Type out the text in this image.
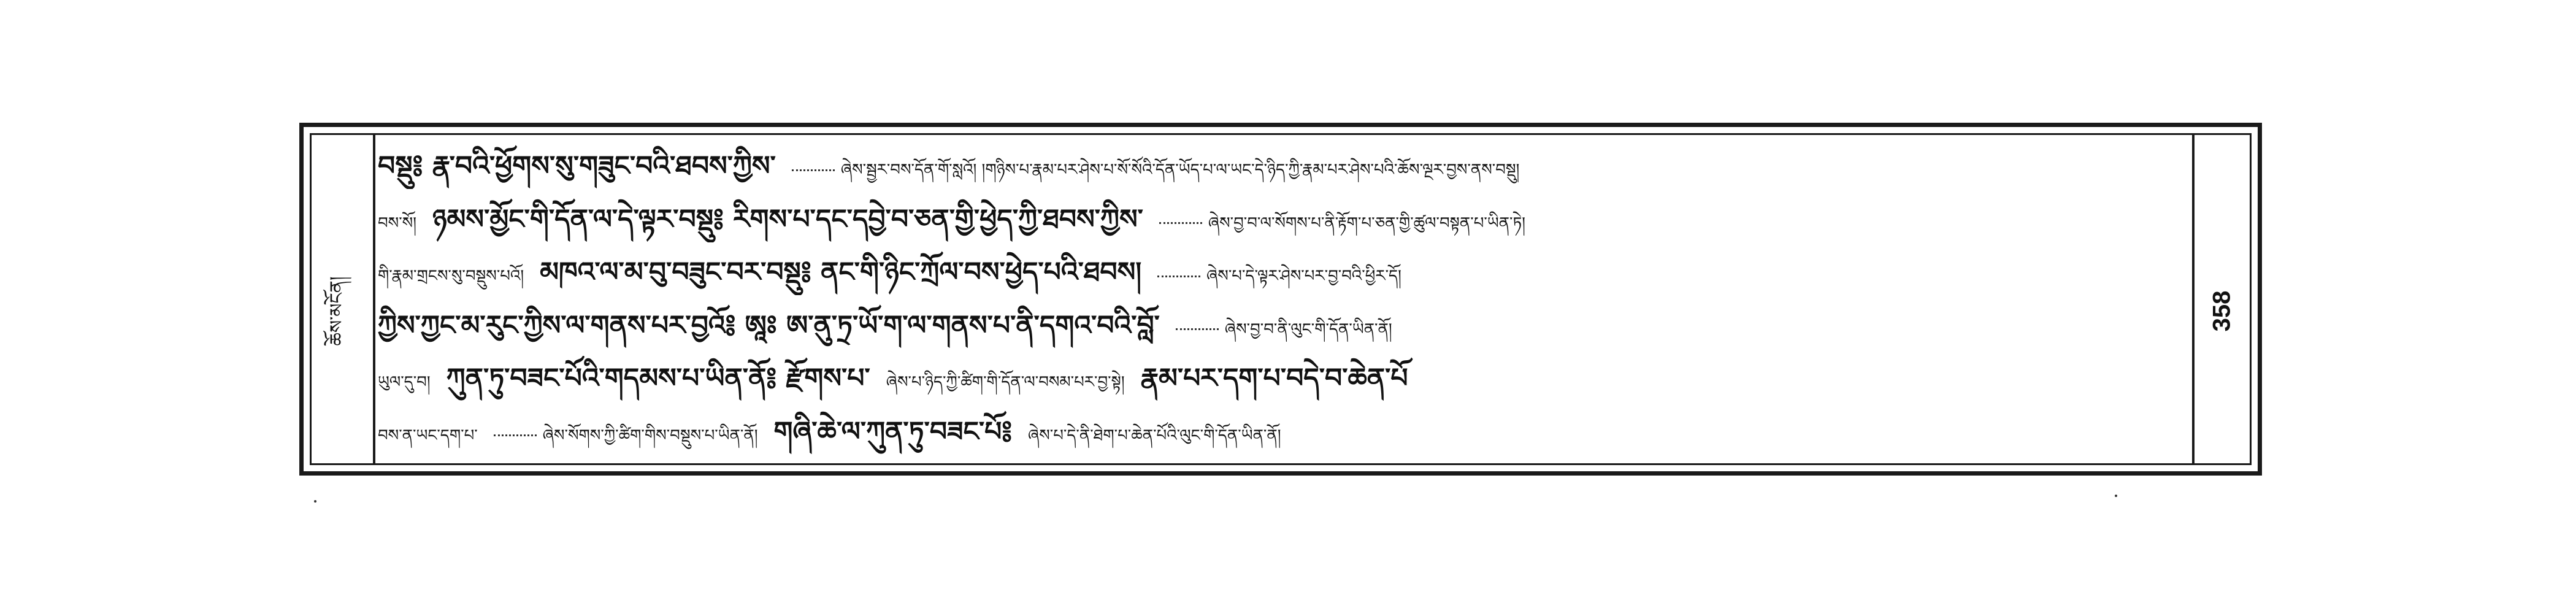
ཆོས་མངོན།
བསྡུ༔ རྣ་བའི་ཕྱོགས་སུ་གཟུང་བའི་ཐབས་ཀྱིས་	ཞེས་སྦྱར་བས་དོན་གོ་སླའོ། །གཉིས་པ་རྣམ་པར་ཤེས་པ་སོ་སོའི་དོན་ཡོད་པ་ལ་ཡང་དེ་ཉིད་ཀྱི་རྣམ་པར་ཤེས་པའི་ཆོས་ལྔར་བྱས་ནས་བསྡུ།
བས་སོ། ཉམས་མྱོང་གི་དོན་ལ་དེ་ལྟར་བསྡུ༔ རིགས་པ་དང་དབྱེ་བ་ཅན་གྱི་ཕྱེད་ཀྱི་ཐབས་ཀྱིས་	ཞེས་བྱ་བ་ལ་སོགས་པ་ནི་རྟོག་པ་ཅན་གྱི་ཚུལ་བསྟན་པ་ཡིན་ཏེ།
གི་རྣམ་གྲངས་སུ་བསྡུས་པའོ། མཁའ་ལ་མ་བུ་བཟུང་བར་བསྡུ༔ ནང་གི་ཉིང་ཀྲོལ་བས་ཕྱེད་པའི་ཐབས།	ཞེས་པ་དེ་ལྟར་ཤེས་པར་བྱ་བའི་ཕྱིར་དོ།
ཀྱིས་ཀྱང་མ་རུང་ཀྱིས་ལ་གནས་པར་བྱའོ༔ ཨཱཿ ཨ་ནུ་ཏྲ་ཡོ་ག་ལ་གནས་པ་ནི་དགའ་བའི་བློ་	ཞེས་བྱ་བ་ནི་ལུང་གི་དོན་ཡིན་ནོ།
ཡུལ་དུ་བ། ཀུན་ཏུ་བཟང་པོའི་གདམས་པ་ཡིན་ནོ༔ རྫོགས་པ་ ཞེས་པ་ཉིད་ཀྱི་ཚིག་གི་དོན་ལ་བསམ་པར་བྱ་སྟེ། རྣམ་པར་དག་པ་བདེ་བ་ཆེན་པོ
བས་ན་ཡང་དག་པ་	ཞེས་སོགས་ཀྱི་ཚིག་གིས་བསྡུས་པ་ཡིན་ནོ། གཞི་ཆེ་ལ་ཀུན་ཏུ་བཟང་པོ༔ ཞེས་པ་དེ་ནི་ཐེག་པ་ཆེན་པོའི་ལུང་གི་དོན་ཡིན་ནོ།
358
